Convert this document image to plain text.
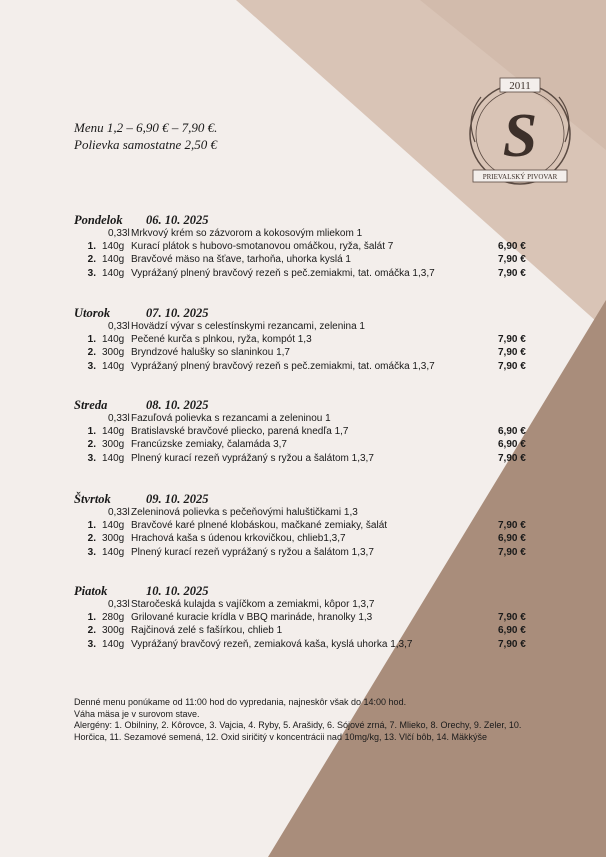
2011
S
PRIEVALSKÝ PIVOVAR
Menu 1,2 – 6,90 € – 7,90 €.
Polievka samostatne 2,50 €
Pondelok 06. 10. 2025
0,33l Mrkvový krém so zázvorom a kokosovým mliekom 1
1. 140g Kurací plátok s hubovo-smotanovou omáčkou, ryža, šalát 7	6,90 €
2. 140g Bravčové mäso na šťave, tarhoňa, uhorka kyslá 1	7,90 €
3. 140g Vyprážaný plnený bravčový rezeň s peč.zemiakmi, tat. omáčka 1,3,7	7,90 €
Utorok	07. 10. 2025
0,33l Hovädzí vývar s celestínskymi rezancami, zelenina 1
1. 140g Pečené kurča s plnkou, ryža, kompót 1,3	7,90 €
2. 300g Bryndzové halušky so slaninkou 1,7	7,90 €
3. 140g Vyprážaný plnený bravčový rezeň s peč.zemiakmi, tat. omáčka 1,3,7	7,90 €
Streda	08. 10. 2025
0,33l Fazuľová polievka s rezancami a zeleninou 1
1. 140g Bratislavské bravčové pliecko, parená knedľa 1,7	6,90 €
2. 300g Francúzske zemiaky, čalamáda 3,7	6,90 €
3. 140g Plnený kurací rezeň vyprážaný s ryžou a šalátom 1,3,7	7,90 €
Štvrtok	09. 10. 2025
0,33l Zeleninová polievka s pečeňovými haluštičkami 1,3
1. 140g Bravčové karé plnené klobáskou, mačkané zemiaky, šalát	7,90 €
2. 300g Hrachová kaša s údenou krkovičkou, chlieb1,3,7	6,90 €
3. 140g Plnený kurací rezeň vyprážaný s ryžou a šalátom 1,3,7	7,90 €
Piatok	10. 10. 2025
0,33l Staročeská kulajda s vajíčkom a zemiakmi, kôpor 1,3,7
1. 280g Grilované kuracie krídla v BBQ marináde, hranolky 1,3	7,90 €
2. 300g Rajčinová zelé s fašírkou, chlieb 1	6,90 €
3. 140g Vyprážaný bravčový rezeň, zemiaková kaša, kyslá uhorka 1,3,7	7,90 €
Denné menu ponúkame od 11:00 hod do vypredania, najneskôr však do 14:00 hod.
Váha mäsa je v surovom stave.
Alergény: 1. Obilniny, 2. Kôrovce, 3. Vajcia, 4. Ryby, 5. Arašidy, 6. Sójové zrná, 7. Mlieko, 8. Orechy, 9. Zeler, 10. Horčica, 11. Sezamové semená, 12. Oxid siričitý v koncentrácii nad 10mg/kg, 13. Vlčí bôb, 14. Mäkkýše
